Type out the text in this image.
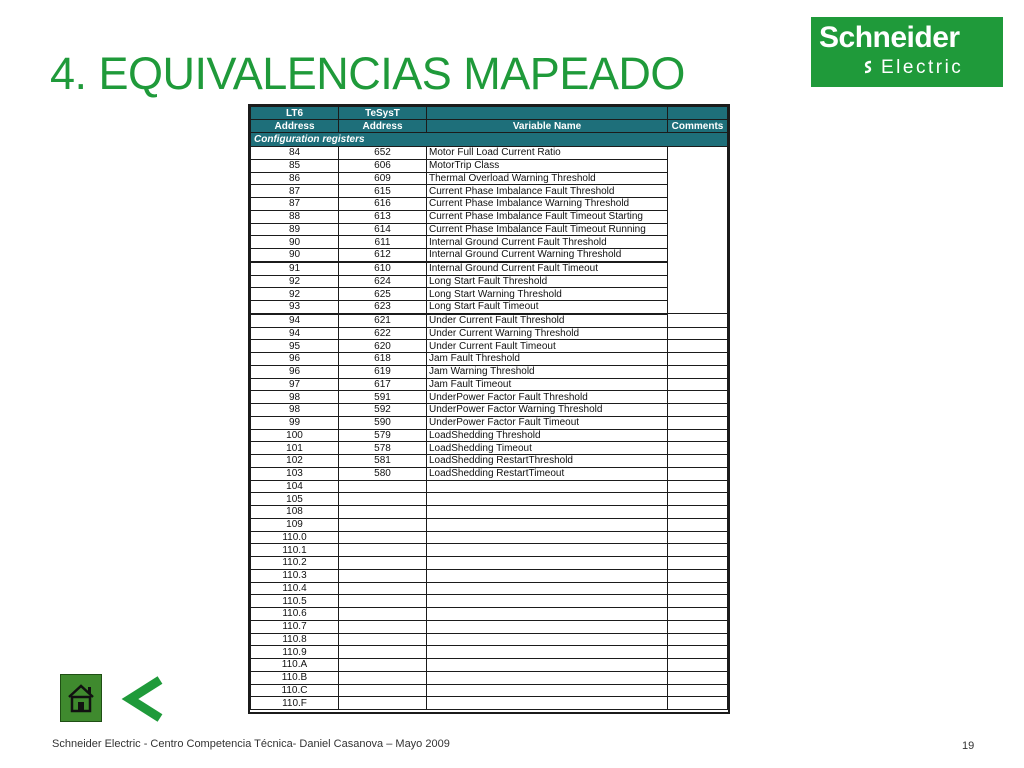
4. EQUIVALENCIAS MAPEADO
Schneider
Electric
LT6	TeSysT		
Address	Address	Variable Name	Comments
Configuration registers			
84	652	Motor Full Load Current Ratio	
85	606	MotorTrip Class	
86	609	Thermal Overload Warning Threshold	
87	615	Current Phase Imbalance Fault Threshold	
87	616	Current Phase Imbalance Warning Threshold	
88	613	Current Phase Imbalance Fault Timeout Starting	
89	614	Current Phase Imbalance Fault Timeout Running	
90	611	Internal Ground Current Fault Threshold	
90	612	Internal Ground Current Warning Threshold	
91	610	Internal Ground Current Fault Timeout	
92	624	Long Start Fault Threshold	
92	625	Long Start Warning Threshold	
93	623	Long Start Fault Timeout	
94	621	Under Current Fault Threshold	
94	622	Under Current Warning Threshold	
95	620	Under Current Fault Timeout	
96	618	Jam Fault Threshold	
96	619	Jam Warning Threshold	
97	617	Jam Fault Timeout	
98	591	UnderPower Factor Fault Threshold	
98	592	UnderPower Factor Warning Threshold	
99	590	UnderPower Factor Fault Timeout	
100	579	LoadShedding Threshold	
101	578	LoadShedding Timeout	
102	581	LoadShedding RestartThreshold	
103	580	LoadShedding RestartTimeout	
104			
105			
108			
109			
110.0			
110.1			
110.2			
110.3			
110.4			
110.5			
110.6			
110.7			
110.8			
110.9			
110.A			
110.B			
110.C			
110.F			
Schneider Electric - Centro Competencia Técnica- Daniel Casanova – Mayo 2009	19
